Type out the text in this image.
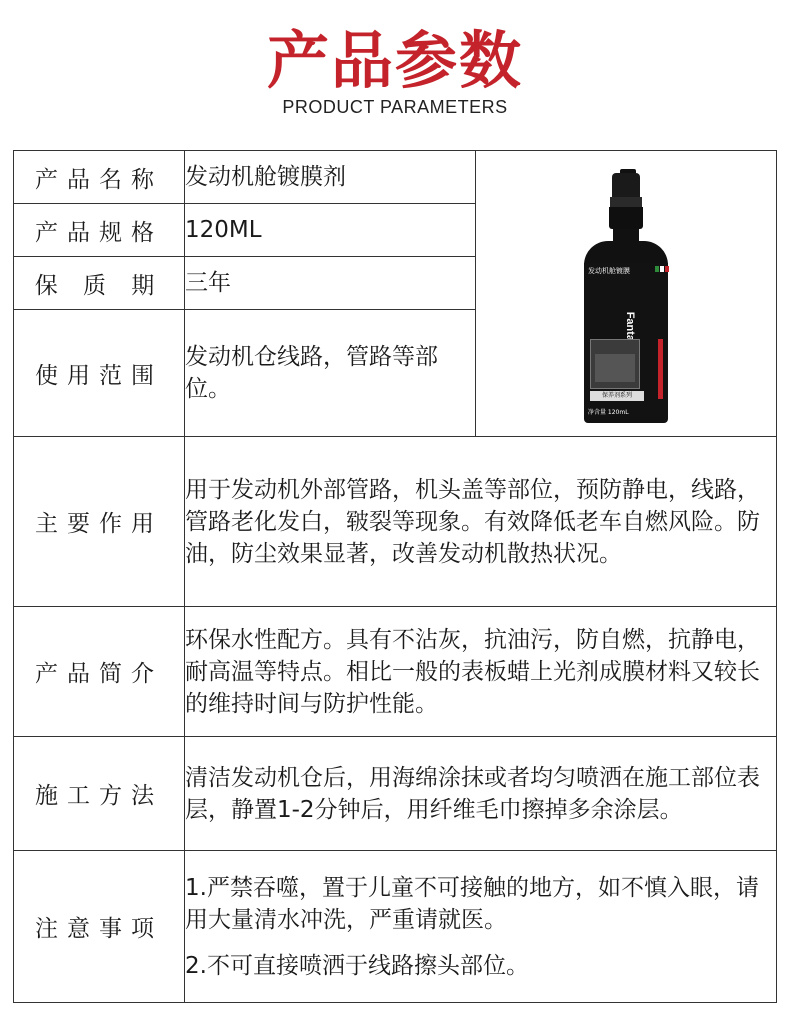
产品参数
PRODUCT PARAMETERS
产品名称	发动机舱镀膜剂	发动机舱镀膜
保养剂系列
净含量 120mL

产品规格	120ML	
保 质 期	三年	
使用范围	发动机仓线路，管路等部位。	
主要作用	用于发动机外部管路，机头盖等部位，预防静电，线路，管路老化发白，皲裂等现象。有效降低老车自燃风险。防油，防尘效果显著，改善发动机散热状况。	
产品简介	环保水性配方。具有不沾灰，抗油污，防自燃，抗静电，耐高温等特点。相比一般的表板蜡上光剂成膜材料又较长的维持时间与防护性能。	
施工方法	清洁发动机仓后，用海绵涂抹或者均匀喷洒在施工部位表层，静置1-2分钟后，用纤维毛巾擦掉多余涂层。	
注意事项	1.严禁吞噬，置于儿童不可接触的地方，如不慎入眼，请用大量清水冲洗，严重请就医。

2.不可直接喷洒于线路擦头部位。	
